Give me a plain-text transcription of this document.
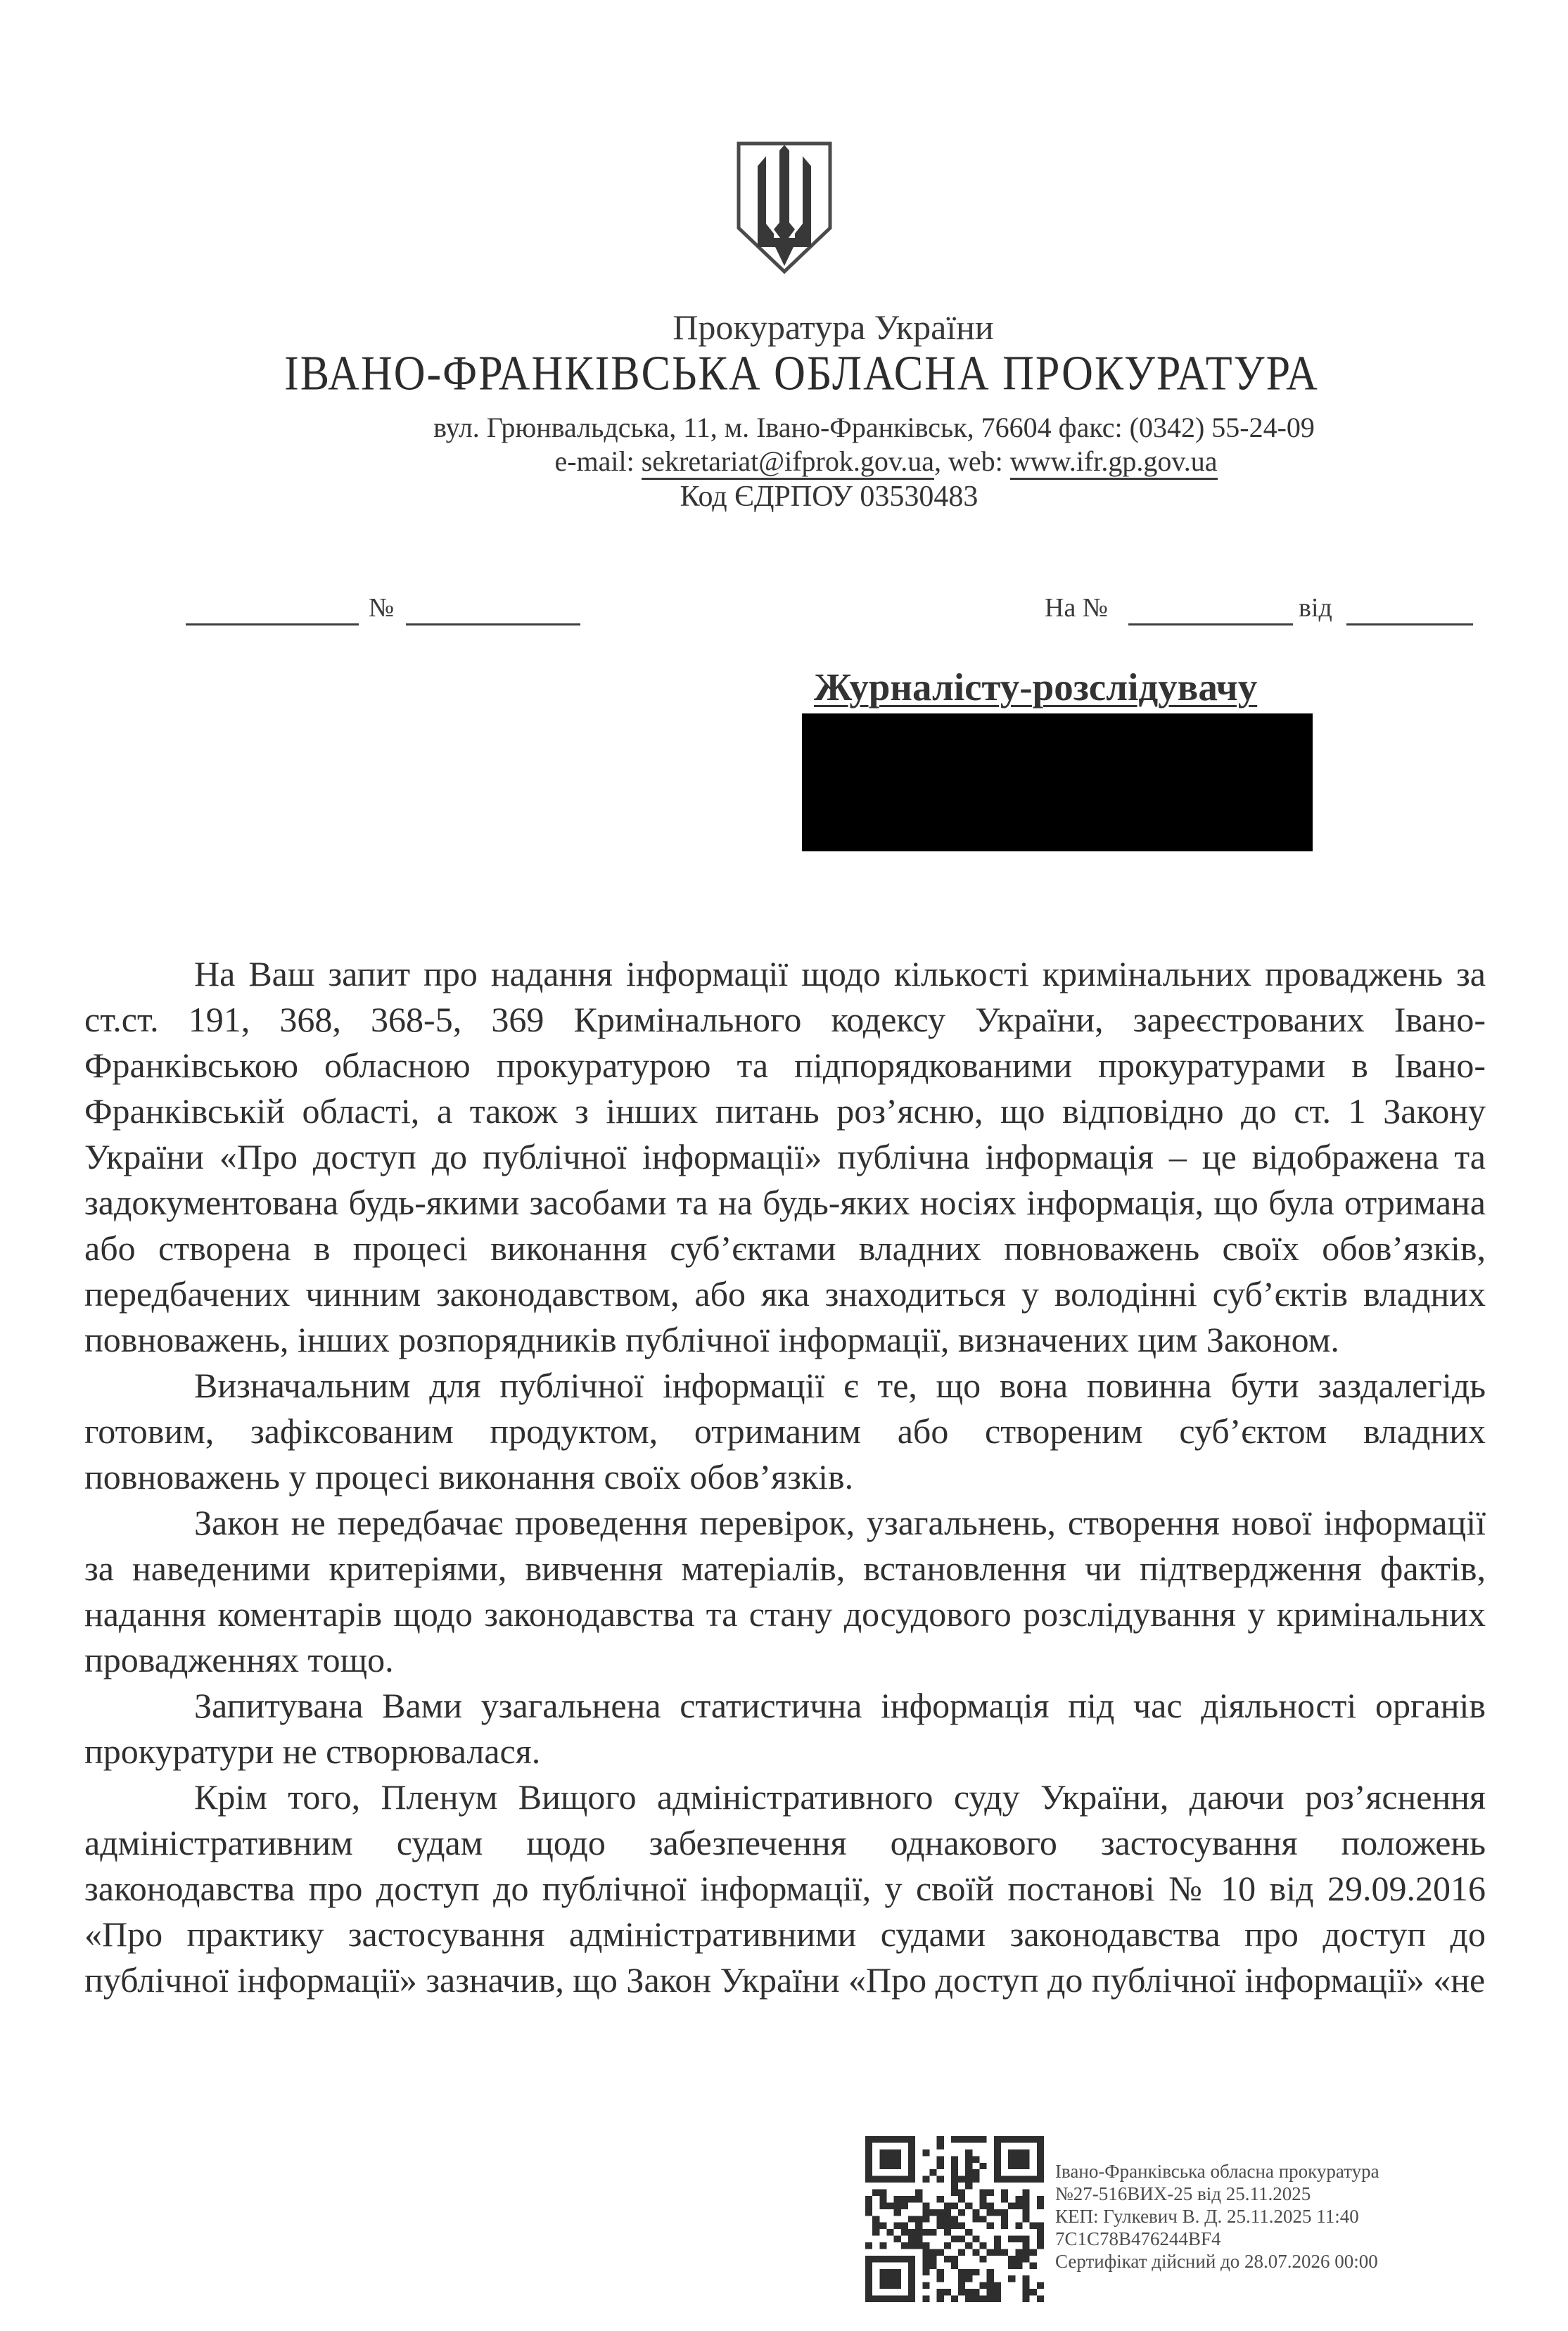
Прокуратура України
ІВАНО-ФРАНКІВСЬКА ОБЛАСНА ПРОКУРАТУРА
вул. Грюнвальдська, 11, м. Івано-Франківськ, 76604 факс: (0342) 55-24-09
e-mail: sekretariat@ifprok.gov.ua, web: www.ifr.gp.gov.ua
Код ЄДРПОУ 03530483
№	На №	від
Журналісту-розслідувачу

На Ваш запит про надання інформації щодо кількості кримінальних проваджень за ст.ст. 191, 368, 368-5, 369 Кримінального кодексу України, зареєстрованих Івано-Франківською обласною прокуратурою та підпорядкованими прокуратурами в Івано-Франківській області, а також з інших питань роз’ясню, що відповідно до ст. 1 Закону України «Про доступ до публічної інформації» публічна інформація – це відображена та задокументована будь-якими засобами та на будь-яких носіях інформація, що була отримана або створена в процесі виконання суб’єктами владних повноважень своїх обов’язків, передбачених чинним законодавством, або яка знаходиться у володінні суб’єктів владних повноважень, інших розпорядників публічної інформації, визначених цим Законом.

Визначальним для публічної інформації є те, що вона повинна бути заздалегідь готовим, зафіксованим продуктом, отриманим або створеним суб’єктом владних повноважень у процесі виконання своїх обов’язків.

Закон не передбачає проведення перевірок, узагальнень, створення нової інформації за наведеними критеріями, вивчення матеріалів, встановлення чи підтвердження фактів, надання коментарів щодо законодавства та стану досудового розслідування у кримінальних провадженнях тощо.

Запитувана Вами узагальнена статистична інформація під час діяльності органів прокуратури не створювалася.

Крім того, Пленум Вищого адміністративного суду України, даючи роз’яснення адміністративним судам щодо забезпечення однакового застосування положень законодавства про доступ до публічної інформації, у своїй постанові № 10 від 29.09.2016 «Про практику застосування адміністративними судами законодавства про доступ до публічної інформації» зазначив, що Закон України «Про доступ до публічної інформації» «не

Івано-Франківська обласна прокуратура
№27-516ВИХ-25 від 25.11.2025
КЕП: Гулкевич В. Д. 25.11.2025 11:40
7C1C78B476244BF4
Сертифікат дійсний до 28.07.2026 00:00
